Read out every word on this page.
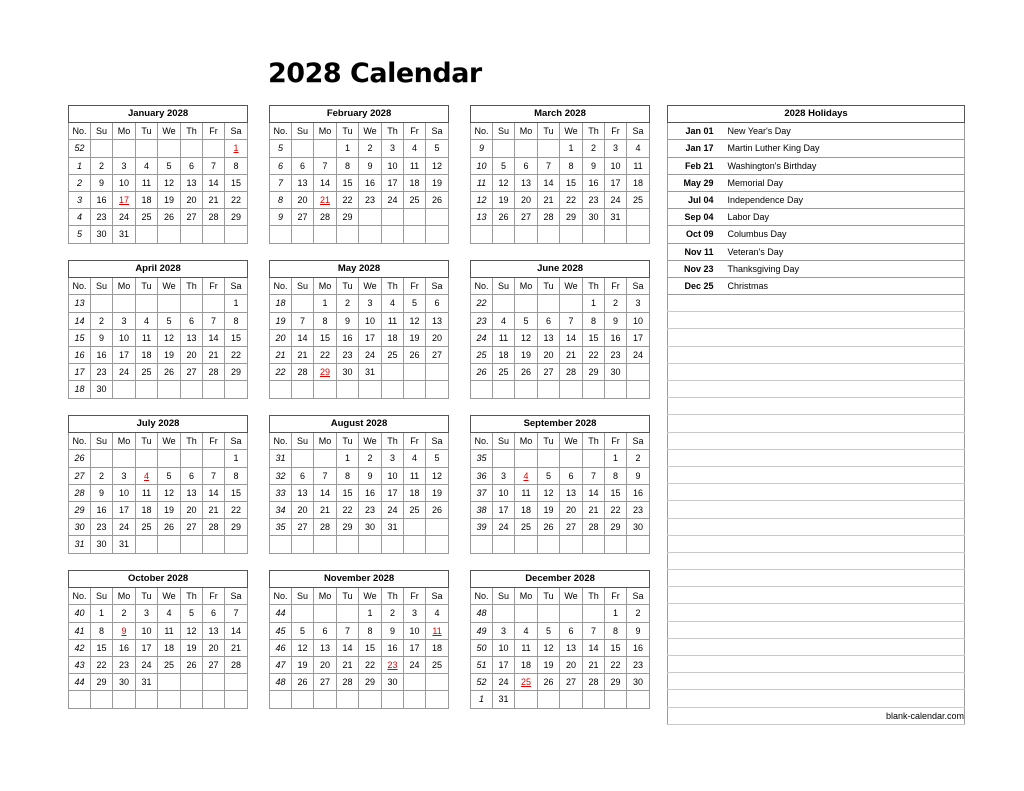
2028 Calendar
January 2028							
No.	Su	Mo	Tu	We	Th	Fr	Sa
52							1
1	2	3	4	5	6	7	8
2	9	10	11	12	13	14	15
3	16	17	18	19	20	21	22
4	23	24	25	26	27	28	29
5	30	31					
February 2028							
No.	Su	Mo	Tu	We	Th	Fr	Sa
5			1	2	3	4	5
6	6	7	8	9	10	11	12
7	13	14	15	16	17	18	19
8	20	21	22	23	24	25	26
9	27	28	29				

March 2028							
No.	Su	Mo	Tu	We	Th	Fr	Sa
9				1	2	3	4
10	5	6	7	8	9	10	11
11	12	13	14	15	16	17	18
12	19	20	21	22	23	24	25
13	26	27	28	29	30	31	

April 2028							
No.	Su	Mo	Tu	We	Th	Fr	Sa
13							1
14	2	3	4	5	6	7	8
15	9	10	11	12	13	14	15
16	16	17	18	19	20	21	22
17	23	24	25	26	27	28	29
18	30						
May 2028							
No.	Su	Mo	Tu	We	Th	Fr	Sa
18		1	2	3	4	5	6
19	7	8	9	10	11	12	13
20	14	15	16	17	18	19	20
21	21	22	23	24	25	26	27
22	28	29	30	31			

June 2028							
No.	Su	Mo	Tu	We	Th	Fr	Sa
22					1	2	3
23	4	5	6	7	8	9	10
24	11	12	13	14	15	16	17
25	18	19	20	21	22	23	24
26	25	26	27	28	29	30	

July 2028							
No.	Su	Mo	Tu	We	Th	Fr	Sa
26							1
27	2	3	4	5	6	7	8
28	9	10	11	12	13	14	15
29	16	17	18	19	20	21	22
30	23	24	25	26	27	28	29
31	30	31					
August 2028							
No.	Su	Mo	Tu	We	Th	Fr	Sa
31			1	2	3	4	5
32	6	7	8	9	10	11	12
33	13	14	15	16	17	18	19
34	20	21	22	23	24	25	26
35	27	28	29	30	31		

September 2028							
No.	Su	Mo	Tu	We	Th	Fr	Sa
35						1	2
36	3	4	5	6	7	8	9
37	10	11	12	13	14	15	16
38	17	18	19	20	21	22	23
39	24	25	26	27	28	29	30

October 2028							
No.	Su	Mo	Tu	We	Th	Fr	Sa
40	1	2	3	4	5	6	7
41	8	9	10	11	12	13	14
42	15	16	17	18	19	20	21
43	22	23	24	25	26	27	28
44	29	30	31				

November 2028							
No.	Su	Mo	Tu	We	Th	Fr	Sa
44				1	2	3	4
45	5	6	7	8	9	10	11
46	12	13	14	15	16	17	18
47	19	20	21	22	23	24	25
48	26	27	28	29	30		

December 2028							
No.	Su	Mo	Tu	We	Th	Fr	Sa
48						1	2
49	3	4	5	6	7	8	9
50	10	11	12	13	14	15	16
51	17	18	19	20	21	22	23
52	24	25	26	27	28	29	30
1	31						
2028 Holidays	
Jan 01	New Year's Day
Jan 17	Martin Luther King Day
Feb 21	Washington's Birthday
May 29	Memorial Day
Jul 04	Independence Day
Sep 04	Labor Day
Oct 09	Columbus Day
Nov 11	Veteran's Day
Nov 23	Thanksgiving Day
Dec 25	Christmas

blank-calendar.com
